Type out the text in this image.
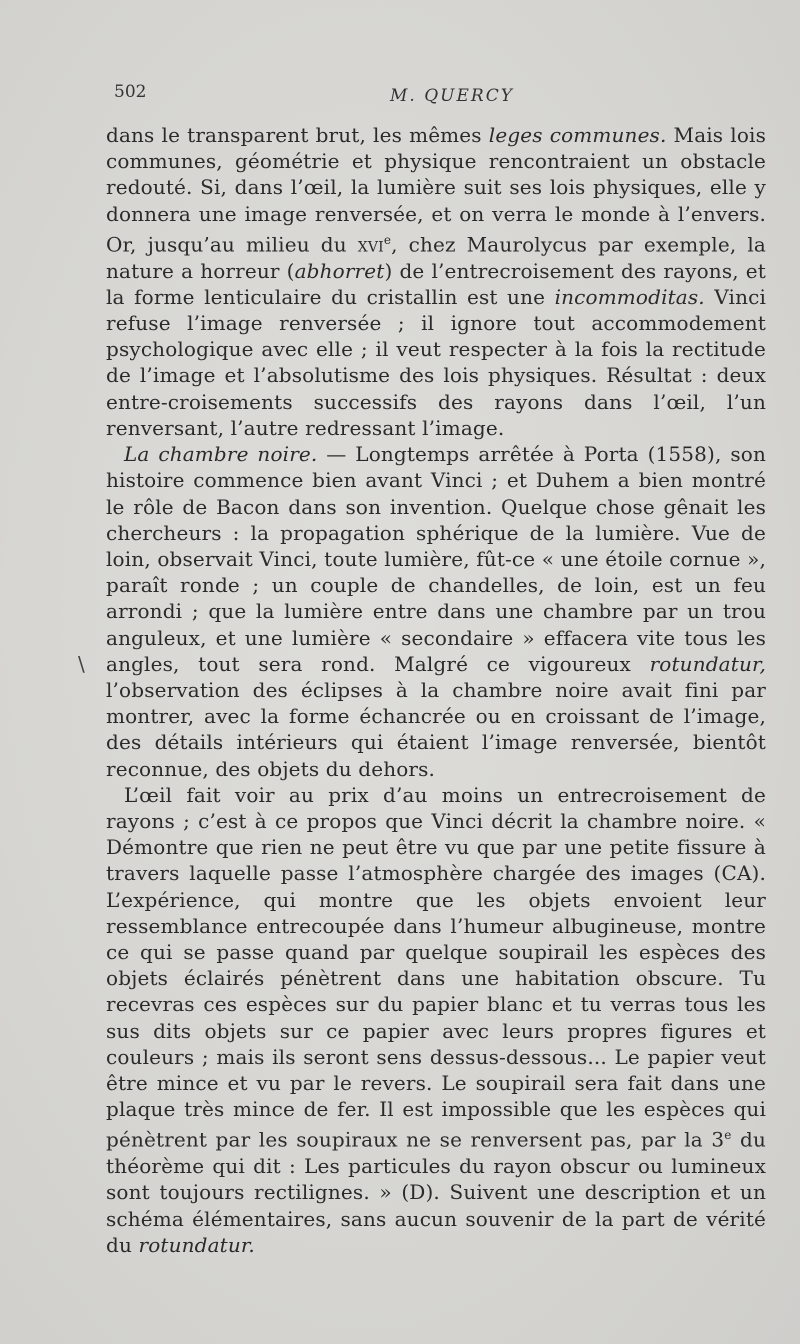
502	M. QUERCY
\

dans le transparent brut, les mêmes leges communes. Mais lois communes, géométrie et physique rencontraient un obstacle redouté. Si, dans l’œil, la lumière suit ses lois physiques, elle y donnera une image renversée, et on verra le monde à l’envers. Or, jusqu’au milieu du xvi$^e$, chez Maurolycus par exemple, la nature a horreur (abhorret) de l’entrecroisement des rayons, et la forme lenticulaire du cristallin est une incommoditas. Vinci refuse l’image renversée ; il ignore tout accommodement psychologique avec elle ; il veut respecter à la fois la rectitude de l’image et l’absolutisme des lois physiques. Résultat : deux entre-croisements successifs des rayons dans l’œil, l’un renversant, l’autre redressant l’image.

La chambre noire. — Longtemps arrêtée à Porta (1558), son histoire commence bien avant Vinci ; et Duhem a bien montré le rôle de Bacon dans son invention. Quelque chose gênait les chercheurs : la propagation sphérique de la lumière. Vue de loin, observait Vinci, toute lumière, fût-ce « une étoile cornue », paraît ronde ; un couple de chandelles, de loin, est un feu arrondi ; que la lumière entre dans une chambre par un trou anguleux, et une lumière « secondaire » effacera vite tous les angles, tout sera rond. Malgré ce vigoureux rotundatur, l’observation des éclipses à la chambre noire avait fini par montrer, avec la forme échancrée ou en croissant de l’image, des détails intérieurs qui étaient l’image renversée, bientôt reconnue, des objets du dehors.

L’œil fait voir au prix d’au moins un entrecroisement de rayons ; c’est à ce propos que Vinci décrit la chambre noire. « Démontre que rien ne peut être vu que par une petite fissure à travers laquelle passe l’atmosphère chargée des images (CA). L’expérience, qui montre que les objets envoient leur ressemblance entrecoupée dans l’humeur albugineuse, montre ce qui se passe quand par quelque soupirail les espèces des objets éclairés pénètrent dans une habitation obscure. Tu recevras ces espèces sur du papier blanc et tu verras tous les sus dits objets sur ce papier avec leurs propres figures et couleurs ; mais ils seront sens dessus-dessous... Le papier veut être mince et vu par le revers. Le soupirail sera fait dans une plaque très mince de fer. Il est impossible que les espèces qui pénètrent par les soupiraux ne se renversent pas, par la 3e du théorème qui dit : Les particules du rayon obscur ou lumineux sont toujours rectilignes. » (D). Suivent une description et un schéma élémentaires, sans aucun souvenir de la part de vérité du rotundatur.
